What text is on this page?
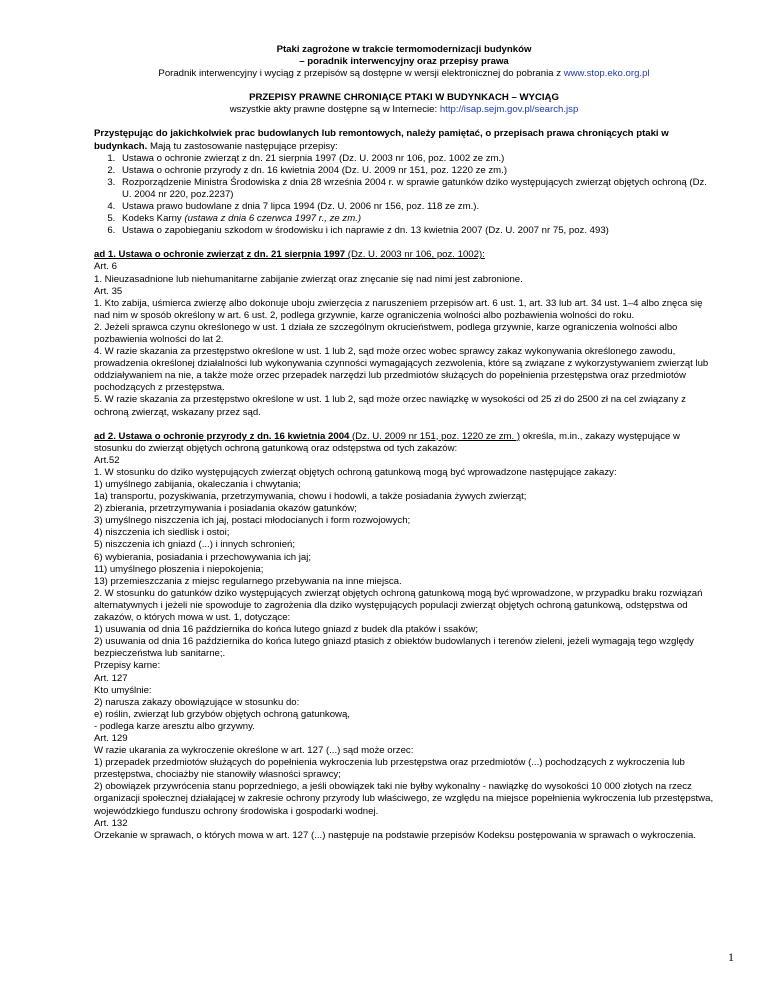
Ptaki zagrożone w trakcie termomodernizacji budynków

– poradnik interwencyjny oraz przepisy prawa

Poradnik interwencyjny i wyciąg z przepisów są dostępne w wersji elektronicznej do pobrania z www.stop.eko.org.pl

PRZEPISY PRAWNE CHRONIĄCE PTAKI W BUDYNKACH – WYCIĄG

wszystkie akty prawne dostępne są w Internecie: http://isap.sejm.gov.pl/search.jsp

Przystępując do jakichkolwiek prac budowlanych lub remontowych, należy pamiętać, o przepisach prawa chroniących ptaki w budynkach. Mają tu zastosowanie następujące przepisy:

1. Ustawa o ochronie zwierząt z dn. 21 sierpnia 1997 (Dz. U. 2003 nr 106, poz. 1002 ze zm.)
2. Ustawa o ochronie przyrody z dn. 16 kwietnia 2004 (Dz. U. 2009 nr 151, poz. 1220 ze zm.)
3. Rozporządzenie Ministra Środowiska z dnia 28 września 2004 r. w sprawie gatunków dziko występujących zwierząt objętych ochroną (Dz. U. 2004 nr 220, poz.2237)
4. Ustawa prawo budowlane z dnia 7 lipca 1994 (Dz. U. 2006 nr 156, poz. 118 ze zm.).
5. Kodeks Karny (ustawa z dnia 6 czerwca 1997 r., ze zm.)
6. Ustawa o zapobieganiu szkodom w środowisku i ich naprawie z dn. 13 kwietnia 2007 (Dz. U. 2007 nr 75, poz. 493)

ad 1. Ustawa o ochronie zwierząt z dn. 21 sierpnia 1997 (Dz. U. 2003 nr 106, poz. 1002):

Art. 6
1. Nieuzasadnione lub niehumanitarne zabijanie zwierząt oraz znęcanie się nad nimi jest zabronione.
Art. 35
1. Kto zabija, uśmierca zwierzę albo dokonuje uboju zwierzęcia z naruszeniem przepisów art. 6 ust. 1, art. 33 lub art. 34 ust. 1–4 albo znęca się nad nim w sposób określony w art. 6 ust. 2, podlega grzywnie, karze ograniczenia wolności albo pozbawienia wolności do roku.
2. Jeżeli sprawca czynu określonego w ust. 1 działa ze szczególnym okrucieństwem, podlega grzywnie, karze ograniczenia wolności albo pozbawienia wolności do lat 2.
4. W razie skazania za przestępstwo określone w ust. 1 lub 2, sąd może orzec wobec sprawcy zakaz wykonywania określonego zawodu, prowadzenia określonej działalności lub wykonywania czynności wymagających zezwolenia, które są związane z wykorzystywaniem zwierząt lub oddziaływaniem na nie, a także może orzec przepadek narzędzi lub przedmiotów służących do popełnienia przestępstwa oraz przedmiotów pochodzących z przestępstwa.
5. W razie skazania za przestępstwo określone w ust. 1 lub 2, sąd może orzec nawiązkę w wysokości od 25 zł do 2500 zł na cel związany z ochroną zwierząt, wskazany przez sąd.

ad 2. Ustawa o ochronie przyrody z dn. 16 kwietnia 2004 (Dz. U. 2009 nr 151, poz. 1220 ze zm. ) określa, m.in., zakazy występujące w stosunku do zwierząt objętych ochroną gatunkową oraz odstępstwa od tych zakazów:

Art.52
1. W stosunku do dziko występujących zwierząt objętych ochroną gatunkową mogą być wprowadzone następujące zakazy:
1) umyślnego zabijania, okaleczania i chwytania;
1a) transportu, pozyskiwania, przetrzymywania, chowu i hodowli, a także posiadania żywych zwierząt;
2) zbierania, przetrzymywania i posiadania okazów gatunków;
3) umyślnego niszczenia ich jaj, postaci młodocianych i form rozwojowych;
4) niszczenia ich siedlisk i ostoi;
5) niszczenia ich gniazd (...) i innych schronień;
6) wybierania, posiadania i przechowywania ich jaj;
11) umyślnego płoszenia i niepokojenia;
13) przemieszczania z miejsc regularnego przebywania na inne miejsca.
2. W stosunku do gatunków dziko występujących zwierząt objętych ochroną gatunkową mogą być wprowadzone, w przypadku braku rozwiązań alternatywnych i jeżeli nie spowoduje to zagrożenia dla dziko występujących populacji zwierząt objętych ochroną gatunkową, odstępstwa od zakazów, o których mowa w ust. 1, dotyczące:
1) usuwania od dnia 16 października do końca lutego gniazd z budek dla ptaków i ssaków;
2) usuwania od dnia 16 października do końca lutego gniazd ptasich z obiektów budowlanych i terenów zieleni, jeżeli wymagają tego względy bezpieczeństwa lub sanitarne;.
Przepisy karne:
Art. 127
Kto umyślnie:
2) narusza zakazy obowiązujące w stosunku do:
e) roślin, zwierząt lub grzybów objętych ochroną gatunkową,
- podlega karze aresztu albo grzywny.
Art. 129
W razie ukarania za wykroczenie określone w art. 127 (...) sąd może orzec:
1) przepadek przedmiotów służących do popełnienia wykroczenia lub przestępstwa oraz przedmiotów (...) pochodzących z wykroczenia lub przestępstwa, chociażby nie stanowiły własności sprawcy;
2) obowiązek przywrócenia stanu poprzedniego, a jeśli obowiązek taki nie byłby wykonalny - nawiązkę do wysokości 10 000 złotych na rzecz organizacji społecznej działającej w zakresie ochrony przyrody lub właściwego, ze względu na miejsce popełnienia wykroczenia lub przestępstwa, wojewódzkiego funduszu ochrony środowiska i gospodarki wodnej.
Art. 132
Orzekanie w sprawach, o których mowa w art. 127 (...) następuje na podstawie przepisów Kodeksu postępowania w sprawach o wykroczenia.
1
